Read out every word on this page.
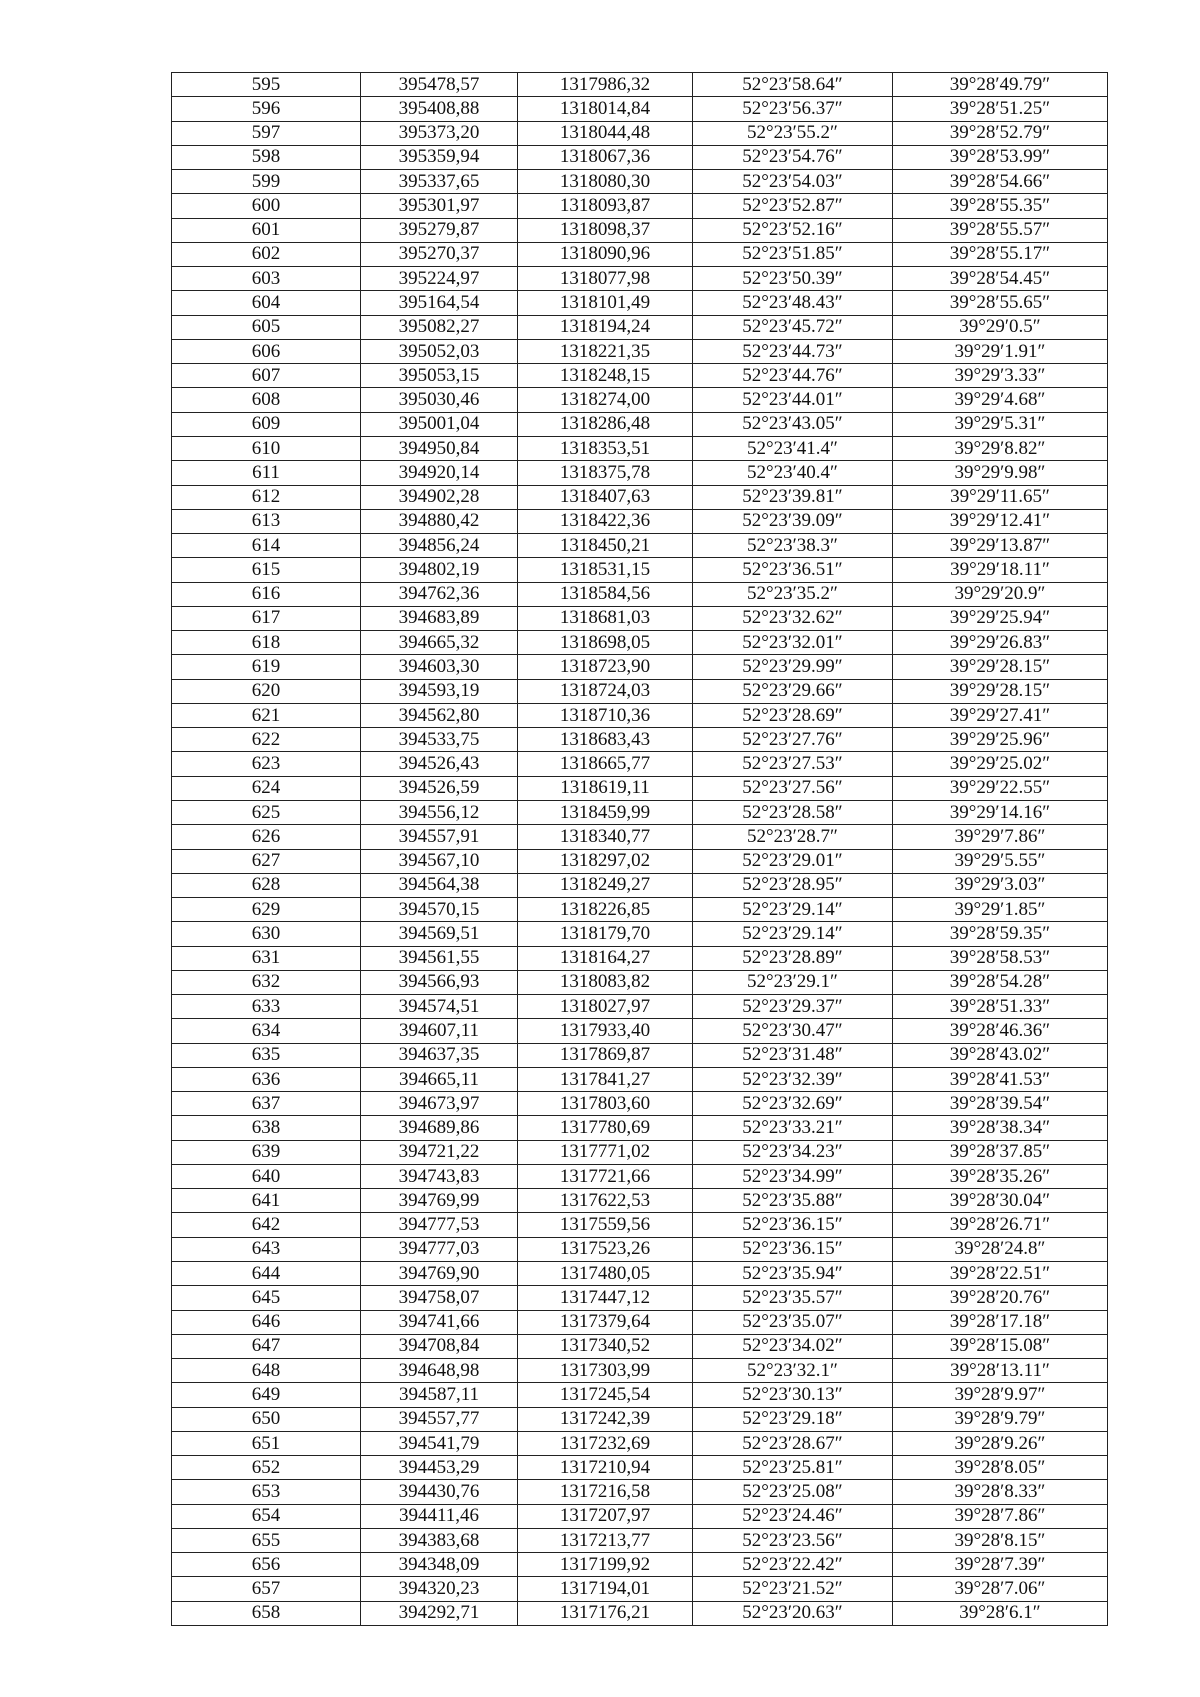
595	395478,57	1317986,32	52°23′58.64″	39°28′49.79″
596	395408,88	1318014,84	52°23′56.37″	39°28′51.25″
597	395373,20	1318044,48	52°23′55.2″	39°28′52.79″
598	395359,94	1318067,36	52°23′54.76″	39°28′53.99″
599	395337,65	1318080,30	52°23′54.03″	39°28′54.66″
600	395301,97	1318093,87	52°23′52.87″	39°28′55.35″
601	395279,87	1318098,37	52°23′52.16″	39°28′55.57″
602	395270,37	1318090,96	52°23′51.85″	39°28′55.17″
603	395224,97	1318077,98	52°23′50.39″	39°28′54.45″
604	395164,54	1318101,49	52°23′48.43″	39°28′55.65″
605	395082,27	1318194,24	52°23′45.72″	39°29′0.5″
606	395052,03	1318221,35	52°23′44.73″	39°29′1.91″
607	395053,15	1318248,15	52°23′44.76″	39°29′3.33″
608	395030,46	1318274,00	52°23′44.01″	39°29′4.68″
609	395001,04	1318286,48	52°23′43.05″	39°29′5.31″
610	394950,84	1318353,51	52°23′41.4″	39°29′8.82″
611	394920,14	1318375,78	52°23′40.4″	39°29′9.98″
612	394902,28	1318407,63	52°23′39.81″	39°29′11.65″
613	394880,42	1318422,36	52°23′39.09″	39°29′12.41″
614	394856,24	1318450,21	52°23′38.3″	39°29′13.87″
615	394802,19	1318531,15	52°23′36.51″	39°29′18.11″
616	394762,36	1318584,56	52°23′35.2″	39°29′20.9″
617	394683,89	1318681,03	52°23′32.62″	39°29′25.94″
618	394665,32	1318698,05	52°23′32.01″	39°29′26.83″
619	394603,30	1318723,90	52°23′29.99″	39°29′28.15″
620	394593,19	1318724,03	52°23′29.66″	39°29′28.15″
621	394562,80	1318710,36	52°23′28.69″	39°29′27.41″
622	394533,75	1318683,43	52°23′27.76″	39°29′25.96″
623	394526,43	1318665,77	52°23′27.53″	39°29′25.02″
624	394526,59	1318619,11	52°23′27.56″	39°29′22.55″
625	394556,12	1318459,99	52°23′28.58″	39°29′14.16″
626	394557,91	1318340,77	52°23′28.7″	39°29′7.86″
627	394567,10	1318297,02	52°23′29.01″	39°29′5.55″
628	394564,38	1318249,27	52°23′28.95″	39°29′3.03″
629	394570,15	1318226,85	52°23′29.14″	39°29′1.85″
630	394569,51	1318179,70	52°23′29.14″	39°28′59.35″
631	394561,55	1318164,27	52°23′28.89″	39°28′58.53″
632	394566,93	1318083,82	52°23′29.1″	39°28′54.28″
633	394574,51	1318027,97	52°23′29.37″	39°28′51.33″
634	394607,11	1317933,40	52°23′30.47″	39°28′46.36″
635	394637,35	1317869,87	52°23′31.48″	39°28′43.02″
636	394665,11	1317841,27	52°23′32.39″	39°28′41.53″
637	394673,97	1317803,60	52°23′32.69″	39°28′39.54″
638	394689,86	1317780,69	52°23′33.21″	39°28′38.34″
639	394721,22	1317771,02	52°23′34.23″	39°28′37.85″
640	394743,83	1317721,66	52°23′34.99″	39°28′35.26″
641	394769,99	1317622,53	52°23′35.88″	39°28′30.04″
642	394777,53	1317559,56	52°23′36.15″	39°28′26.71″
643	394777,03	1317523,26	52°23′36.15″	39°28′24.8″
644	394769,90	1317480,05	52°23′35.94″	39°28′22.51″
645	394758,07	1317447,12	52°23′35.57″	39°28′20.76″
646	394741,66	1317379,64	52°23′35.07″	39°28′17.18″
647	394708,84	1317340,52	52°23′34.02″	39°28′15.08″
648	394648,98	1317303,99	52°23′32.1″	39°28′13.11″
649	394587,11	1317245,54	52°23′30.13″	39°28′9.97″
650	394557,77	1317242,39	52°23′29.18″	39°28′9.79″
651	394541,79	1317232,69	52°23′28.67″	39°28′9.26″
652	394453,29	1317210,94	52°23′25.81″	39°28′8.05″
653	394430,76	1317216,58	52°23′25.08″	39°28′8.33″
654	394411,46	1317207,97	52°23′24.46″	39°28′7.86″
655	394383,68	1317213,77	52°23′23.56″	39°28′8.15″
656	394348,09	1317199,92	52°23′22.42″	39°28′7.39″
657	394320,23	1317194,01	52°23′21.52″	39°28′7.06″
658	394292,71	1317176,21	52°23′20.63″	39°28′6.1″
